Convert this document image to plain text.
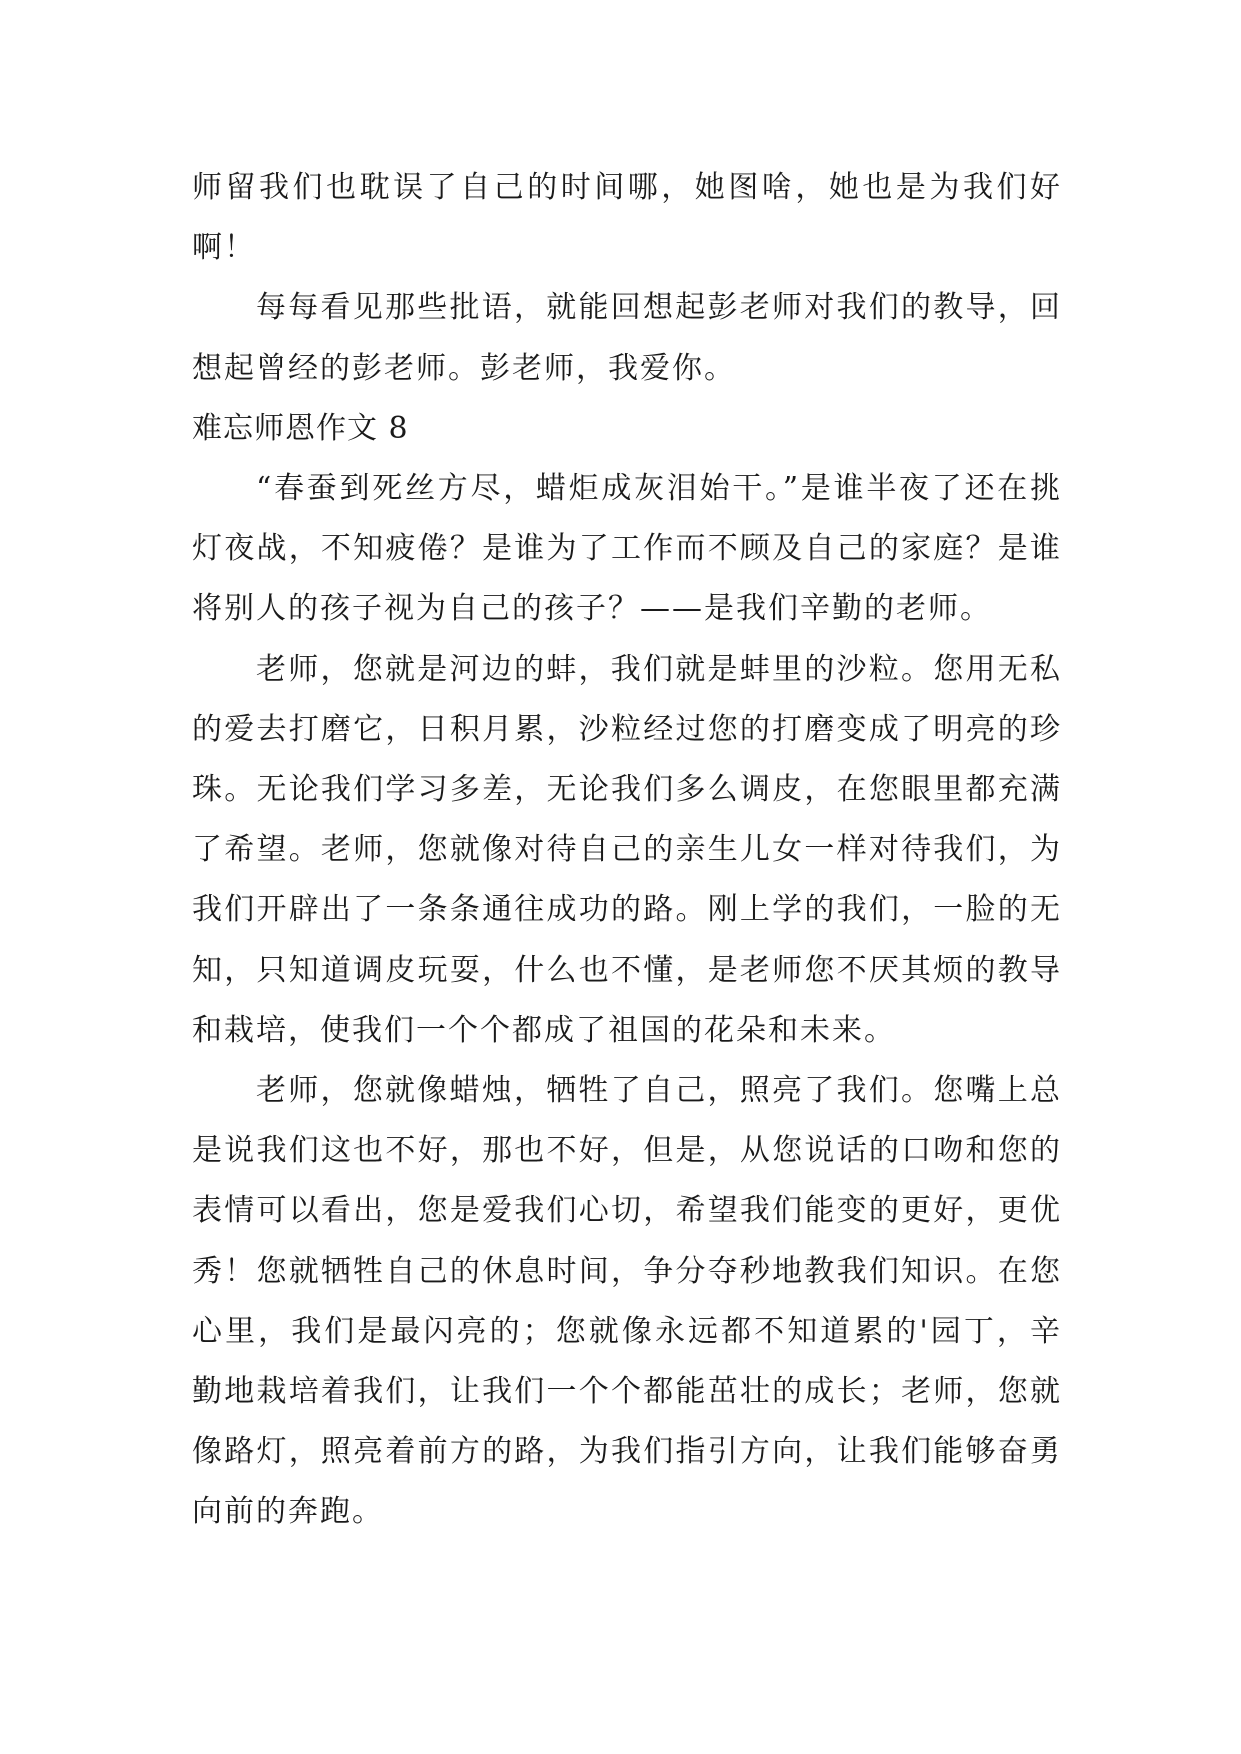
师留我们也耽误了自己的时间哪，她图啥，她也是为我们好啊！

每每看见那些批语，就能回想起彭老师对我们的教导，回想起曾经的彭老师。彭老师，我爱你。

难忘师恩作文 8

“春蚕到死丝方尽，蜡炬成灰泪始干。”是谁半夜了还在挑灯夜战，不知疲倦？是谁为了工作而不顾及自己的家庭？是谁将别人的孩子视为自己的孩子？——是我们辛勤的老师。

老师，您就是河边的蚌，我们就是蚌里的沙粒。您用无私的爱去打磨它，日积月累，沙粒经过您的打磨变成了明亮的珍珠。无论我们学习多差，无论我们多么调皮，在您眼里都充满了希望。老师，您就像对待自己的亲生儿女一样对待我们，为我们开辟出了一条条通往成功的路。刚上学的我们，一脸的无知，只知道调皮玩耍，什么也不懂，是老师您不厌其烦的教导和栽培，使我们一个个都成了祖国的花朵和未来。

老师，您就像蜡烛，牺牲了自己，照亮了我们。您嘴上总是说我们这也不好，那也不好，但是，从您说话的口吻和您的表情可以看出，您是爱我们心切，希望我们能变的更好，更优秀！您就牺牲自己的休息时间，争分夺秒地教我们知识。在您心里，我们是最闪亮的；您就像永远都不知道累的'园丁，辛勤地栽培着我们，让我们一个个都能茁壮的成长；老师，您就像路灯，照亮着前方的路，为我们指引方向，让我们能够奋勇向前的奔跑。
